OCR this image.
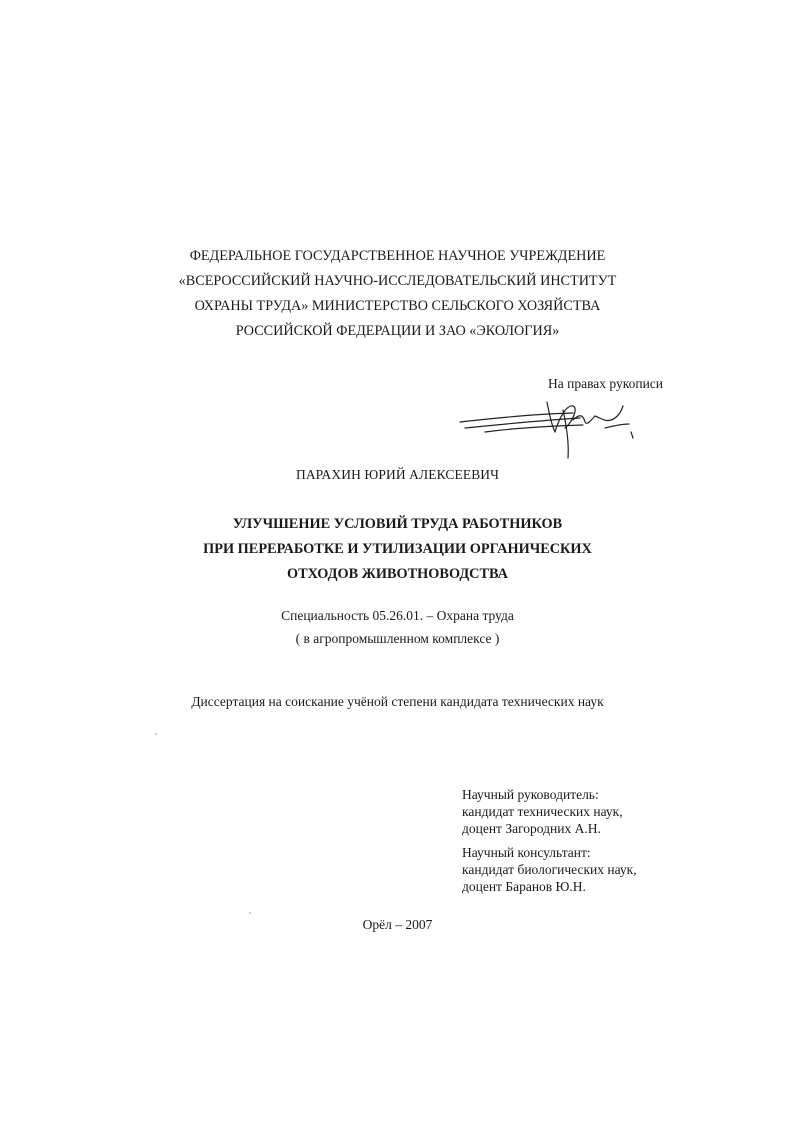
ФЕДЕРАЛЬНОЕ ГОСУДАРСТВЕННОЕ НАУЧНОЕ УЧРЕЖДЕНИЕ
«ВСЕРОССИЙСКИЙ НАУЧНО-ИССЛЕДОВАТЕЛЬСКИЙ ИНСТИТУТ
ОХРАНЫ ТРУДА» МИНИСТЕРСТВО СЕЛЬСКОГО ХОЗЯЙСТВА
РОССИЙСКОЙ ФЕДЕРАЦИИ И ЗАО «ЭКОЛОГИЯ»
На правах рукописи
ПАРАХИН ЮРИЙ АЛЕКСЕЕВИЧ
УЛУЧШЕНИЕ УСЛОВИЙ ТРУДА РАБОТНИКОВ
ПРИ ПЕРЕРАБОТКЕ И УТИЛИЗАЦИИ ОРГАНИЧЕСКИХ
ОТХОДОВ ЖИВОТНОВОДСТВА
Специальность 05.26.01. – Охрана труда
( в агропромышленном комплексе )
Диссертация на соискание учёной степени кандидата технических наук
Научный руководитель:
кандидат технических наук,
доцент Загородних А.Н.
Научный консультант:
кандидат биологических наук,
доцент Баранов Ю.Н.
Орёл – 2007
